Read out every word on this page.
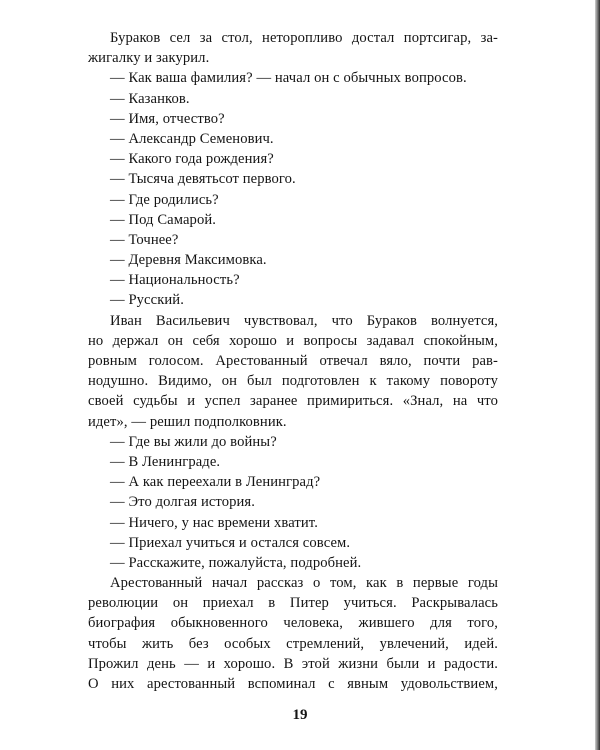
Бураков сел за стол, неторопливо достал портсигар, за-
жигалку и закурил.
— Как ваша фамилия? — начал он с обычных вопросов.
— Казанков.
— Имя, отчество?
— Александр Семенович.
— Какого года рождения?
— Тысяча девятьсот первого.
— Где родились?
— Под Самарой.
— Точнее?
— Деревня Максимовка.
— Национальность?
— Русский.
Иван Васильевич чувствовал, что Бураков волнуется,
но держал он себя хорошо и вопросы задавал спокойным,
ровным голосом. Арестованный отвечал вяло, почти рав-
нодушно. Видимо, он был подготовлен к такому повороту
своей судьбы и успел заранее примириться. «Знал, на что
идет», — решил подполковник.
— Где вы жили до войны?
— В Ленинграде.
— А как переехали в Ленинград?
— Это долгая история.
— Ничего, у нас времени хватит.
— Приехал учиться и остался совсем.
— Расскажите, пожалуйста, подробней.
Арестованный начал рассказ о том, как в первые годы
революции он приехал в Питер учиться. Раскрывалась
биография обыкновенного человека, жившего для того,
чтобы жить без особых стремлений, увлечений, идей.
Прожил день — и хорошо. В этой жизни были и радости.
О них арестованный вспоминал с явным удовольствием,
19
